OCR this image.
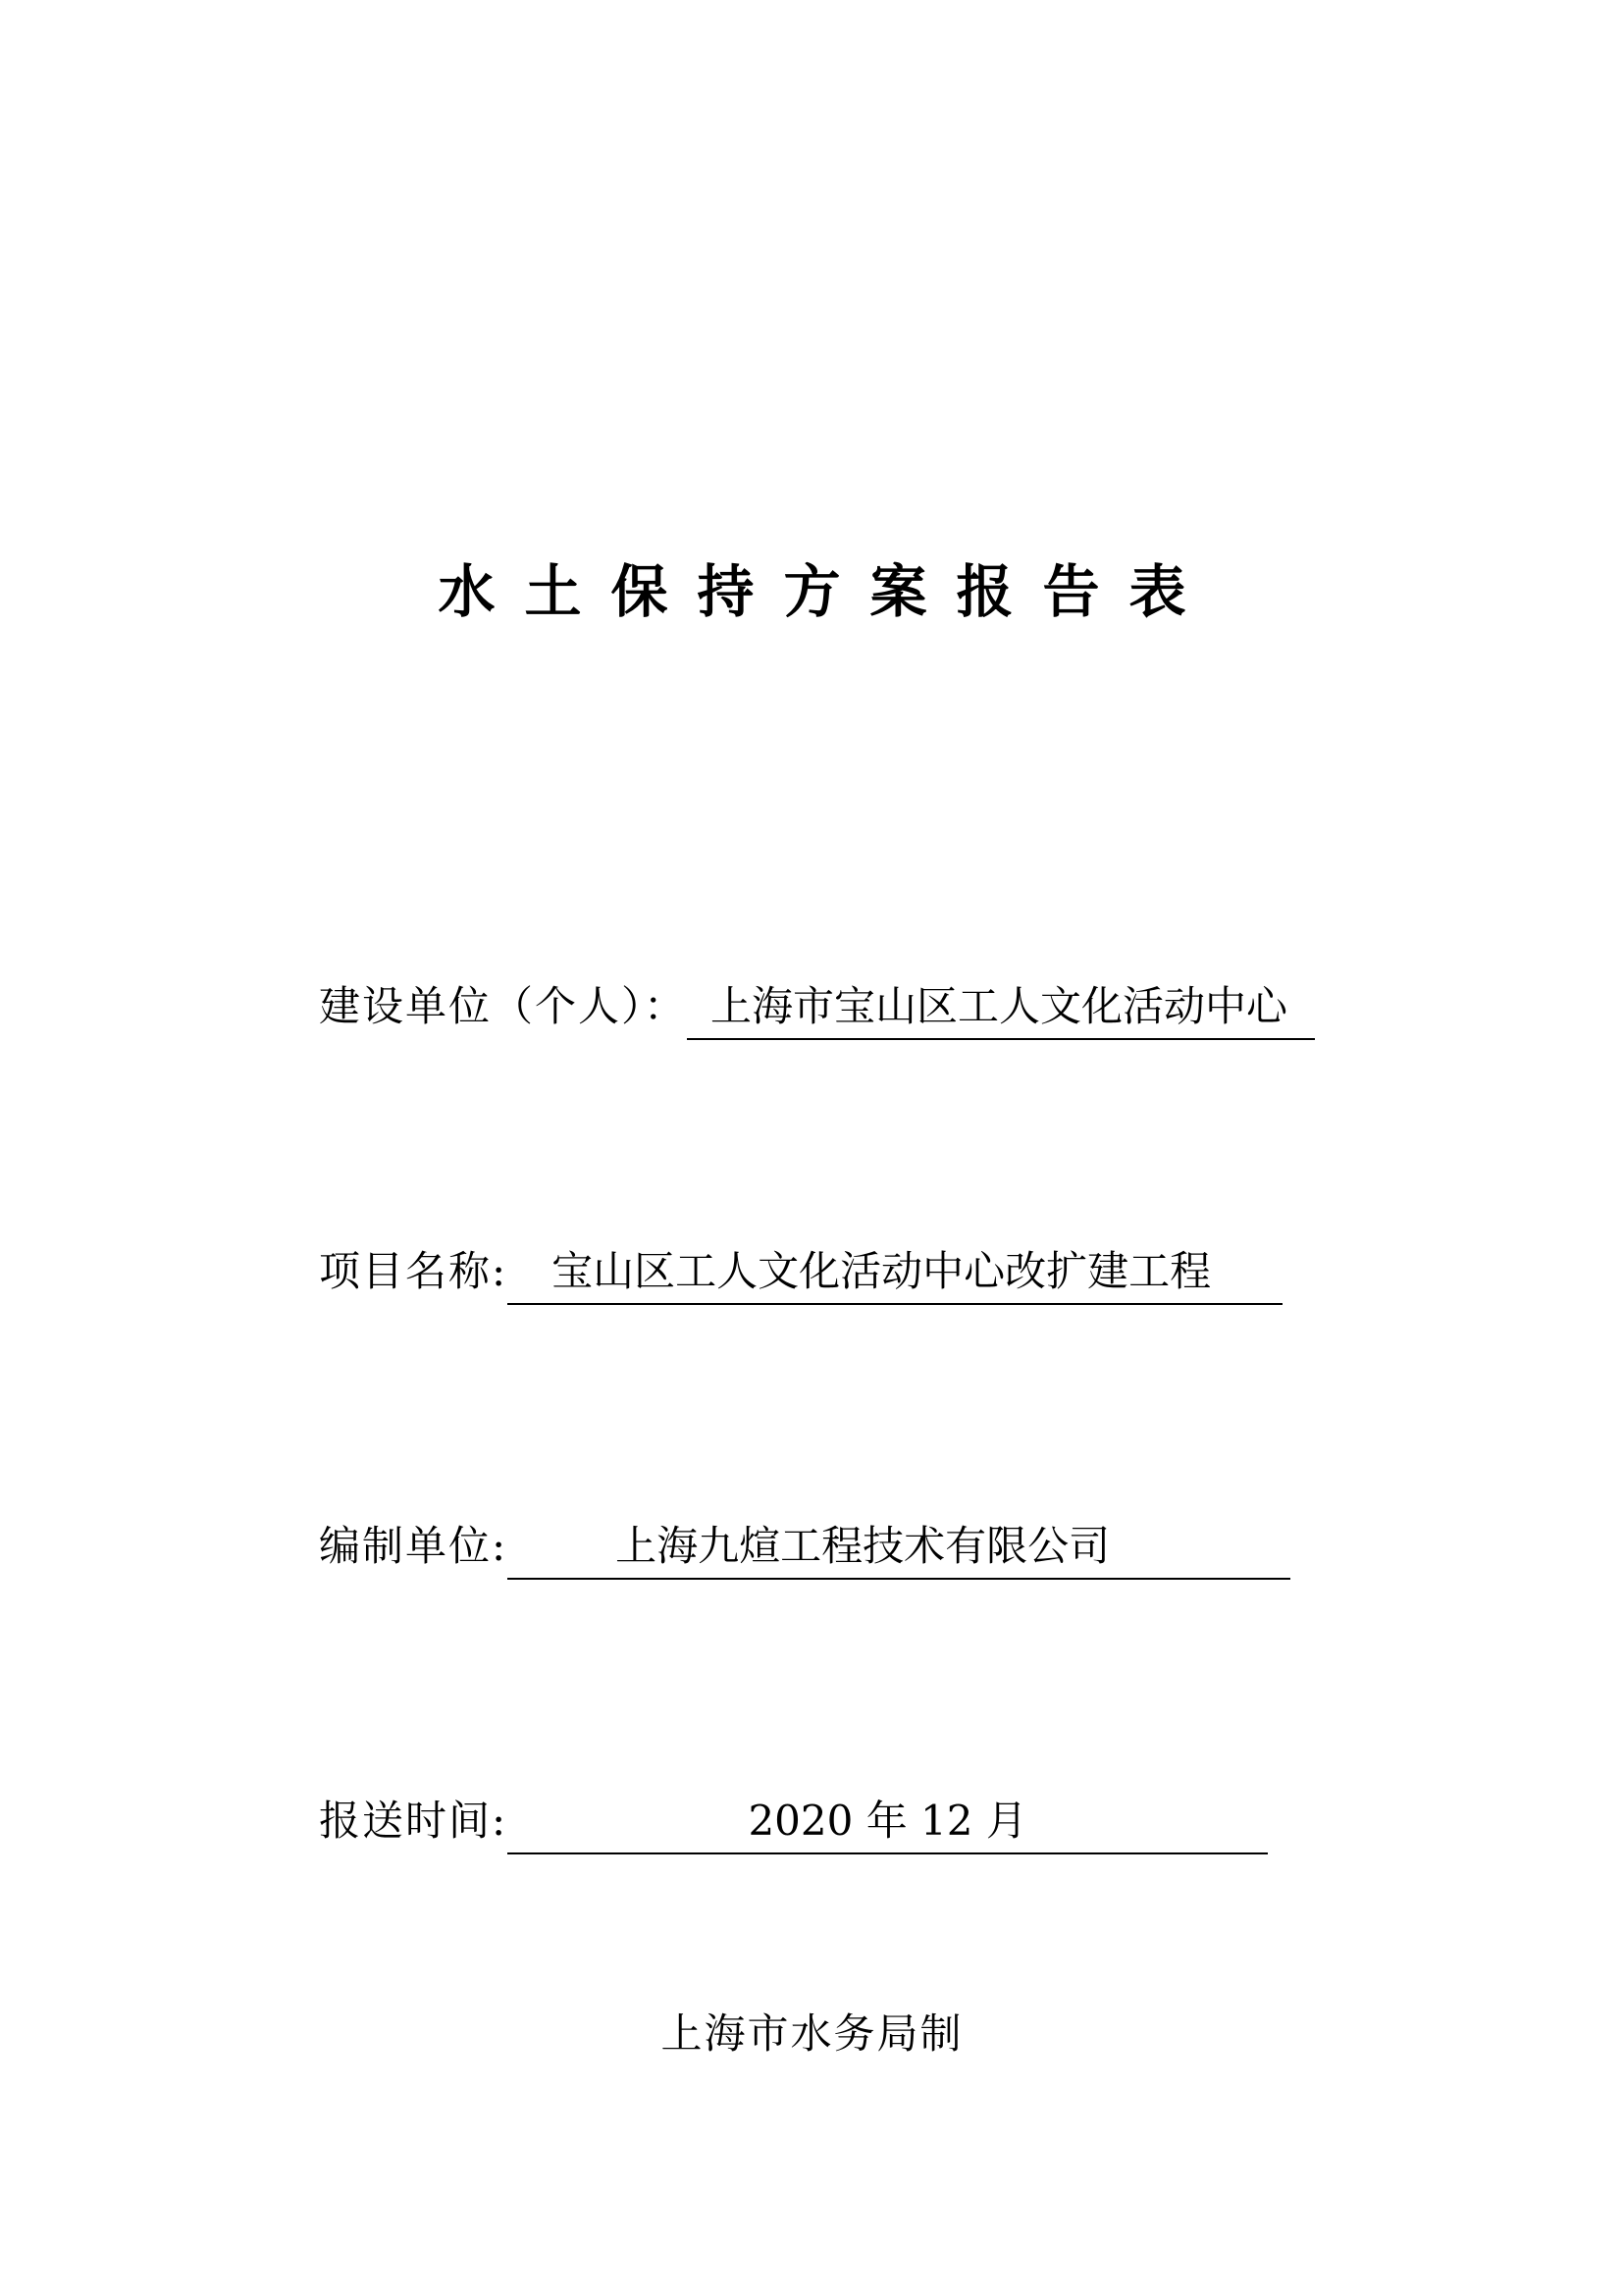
水土保持方案报告表
建设单位（个人）： 上海市宝山区工人文化活动中心
项目名称: 宝山区工人文化活动中心改扩建工程
编制单位:	上海九煊工程技术有限公司
报送时间:	2020 年 12 月
上海市水务局制
